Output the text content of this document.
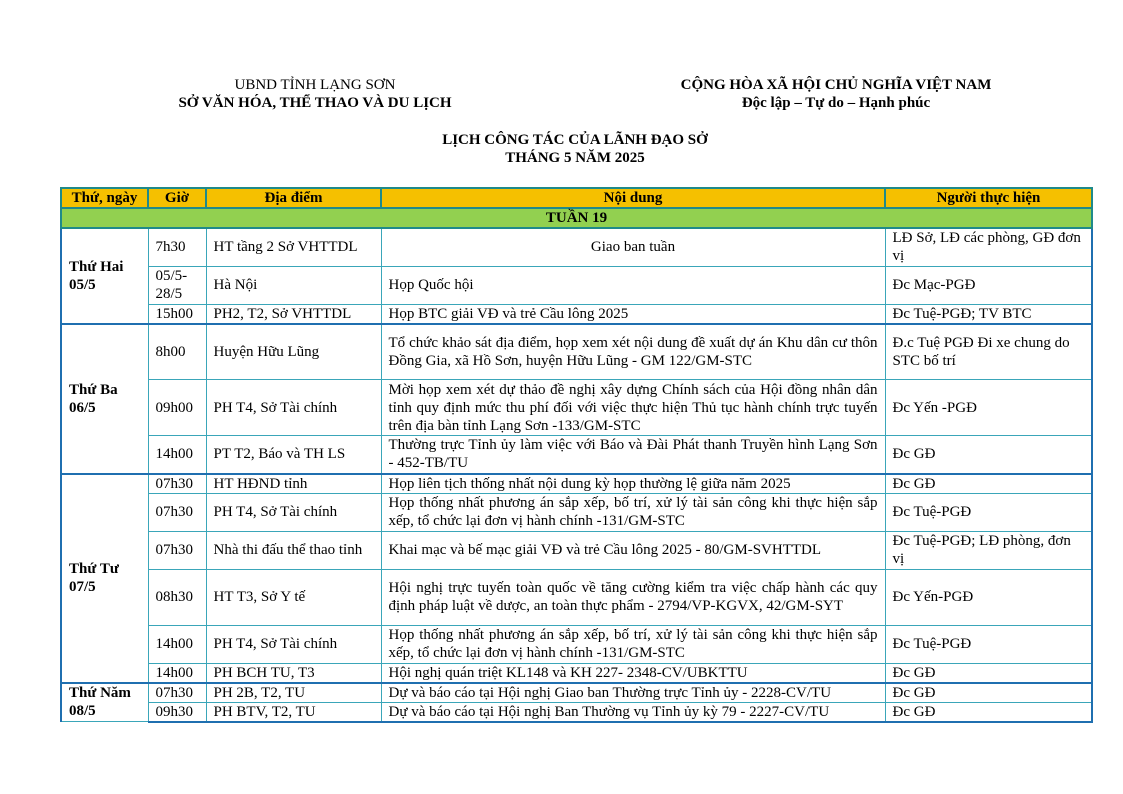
UBND TỈNH LẠNG SƠN
SỞ VĂN HÓA, THỂ THAO VÀ DU LỊCH
CỘNG HÒA XÃ HỘI CHỦ NGHĨA VIỆT NAM
Độc lập – Tự do – Hạnh phúc
LỊCH CÔNG TÁC CỦA LÃNH ĐẠO SỞ
THÁNG 5 NĂM 2025
Thứ, ngày	Giờ	Địa điểm	Nội dung	Người thực hiện
TUẦN 19				
Thứ Hai 05/5	7h30	HT tầng 2 Sở VHTTDL	Giao ban tuần	LĐ Sở, LĐ các phòng, GĐ đơn vị
	05/5-28/5	Hà Nội	Họp Quốc hội	Đc Mạc-PGĐ
	15h00	PH2, T2, Sở VHTTDL	Họp BTC giải VĐ và trẻ Cầu lông 2025	Đc Tuệ-PGĐ; TV BTC
Thứ Ba 06/5	8h00	Huyện Hữu Lũng	Tổ chức khảo sát địa điểm, họp xem xét nội dung đề xuất dự án Khu dân cư thôn Đồng Gia, xã Hồ Sơn, huyện Hữu Lũng - GM 122/GM-STC	Đ.c Tuệ PGĐ Đi xe chung do STC bố trí
	09h00	PH T4, Sở Tài chính	Mời họp xem xét dự thảo đề nghị xây dựng Chính sách của Hội đồng nhân dân tỉnh quy định mức thu phí đối với việc thực hiện Thủ tục hành chính trực tuyến trên địa bàn tỉnh Lạng Sơn -133/GM-STC	Đc Yến -PGĐ
	14h00	PT T2, Báo và TH LS	Thường trực Tỉnh ủy làm việc với Báo và Đài Phát thanh Truyền hình Lạng Sơn - 452-TB/TU	Đc GĐ
Thứ Tư 07/5	07h30	HT HĐND tỉnh	Họp liên tịch thống nhất nội dung kỳ họp thường lệ giữa năm 2025	Đc GĐ
	07h30	PH T4, Sở Tài chính	Họp thống nhất phương án sắp xếp, bố trí, xử lý tài sản công khi thực hiện sắp xếp, tổ chức lại đơn vị hành chính -131/GM-STC	Đc Tuệ-PGĐ
	07h30	Nhà thi đấu thể thao tỉnh	Khai mạc và bế mạc giải VĐ và trẻ Cầu lông 2025 - 80/GM-SVHTTDL	Đc Tuệ-PGĐ; LĐ phòng, đơn vị
	08h30	HT T3, Sở Y tế	Hội nghị trực tuyến toàn quốc về tăng cường kiểm tra việc chấp hành các quy định pháp luật về dược, an toàn thực phẩm - 2794/VP-KGVX, 42/GM-SYT	Đc Yến-PGĐ
	14h00	PH T4, Sở Tài chính	Họp thống nhất phương án sắp xếp, bố trí, xử lý tài sản công khi thực hiện sắp xếp, tổ chức lại đơn vị hành chính -131/GM-STC	Đc Tuệ-PGĐ
	14h00	PH BCH TU, T3	Hội nghị quán triệt KL148 và KH 227- 2348-CV/UBKTTU	Đc GĐ
Thứ Năm 08/5	07h30	PH 2B, T2, TU	Dự và báo cáo tại Hội nghị Giao ban Thường trực Tỉnh ủy - 2228-CV/TU	Đc GĐ
	09h30	PH BTV, T2, TU	Dự và báo cáo tại Hội nghị Ban Thường vụ Tỉnh ủy kỳ 79 - 2227-CV/TU	Đc GĐ
